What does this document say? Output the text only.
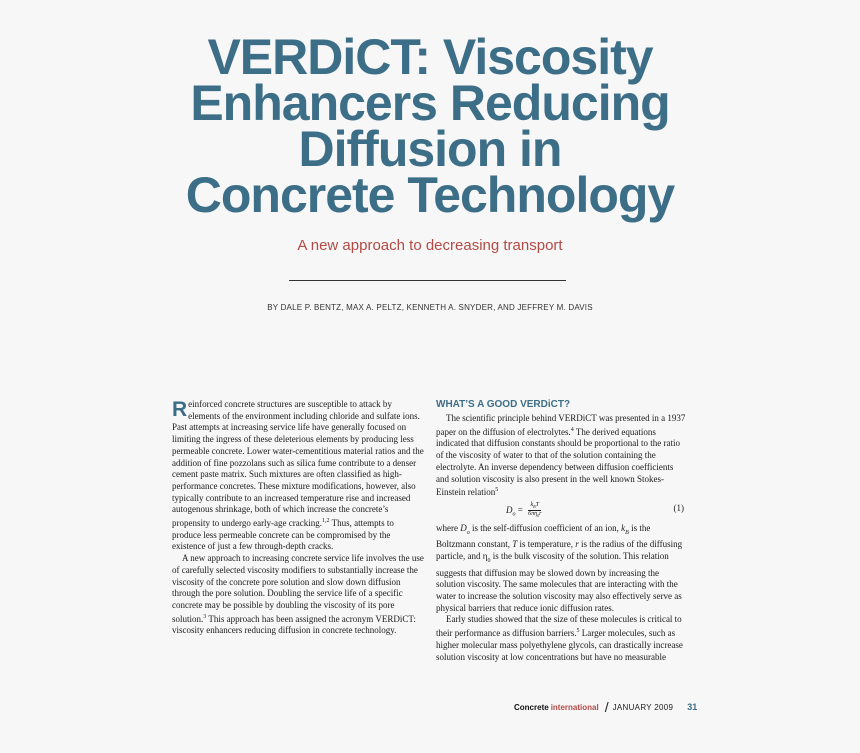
VERDiCT: Viscosity
Enhancers Reducing
Diffusion in
Concrete Technology

A new approach to decreasing transport

BY DALE P. BENTZ, MAX A. PELTZ, KENNETH A. SNYDER, AND JEFFREY M. DAVIS

Reinforced concrete structures are susceptible to attack by elements of the environment including chloride and sulfate ions. Past attempts at increasing service life have generally focused on limiting the ingress of these deleterious elements by producing less permeable concrete. Lower water-cementitious material ratios and the addition of fine pozzolans such as silica fume contribute to a denser cement paste matrix. Such mixtures are often classified as high-performance concretes. These mixture modifications, however, also typically contribute to an increased temperature rise and increased autogenous shrinkage, both of which increase the concrete’s propensity to undergo early-age cracking.$^{1,2}$ Thus, attempts to produce less permeable concrete can be compromised by the existence of just a few through-depth cracks.

A new approach to increasing concrete service life involves the use of carefully selected viscosity modifiers to substantially increase the viscosity of the concrete pore solution and slow down diffusion through the pore solution. Doubling the service life of a specific concrete may be possible by doubling the viscosity of its pore solution.$^3$ This approach has been assigned the acronym VERDiCT: viscosity enhancers reducing diffusion in concrete technology.

WHAT’S A GOOD VERDiCT?

The scientific principle behind VERDiCT was presented in a 1937 paper on the diffusion of electrolytes.$^4$ The derived equations indicated that diffusion constants should be proportional to the ratio of the viscosity of water to that of the solution containing the electrolyte. An inverse dependency between diffusion coefficients and solution viscosity is also present in the well known Stokes-Einstein relation$^5$

$D_o = \frac{k_BT}{6\pi\eta_0r}$	(1)

where $D_o$ is the self-diffusion coefficient of an ion, $k_B$ is the Boltzmann constant, T is temperature, r is the radius of the diffusing particle, and $\eta_0$ is the bulk viscosity of the solution. This relation suggests that diffusion may be slowed down by increasing the solution viscosity. The same molecules that are interacting with the water to increase the solution viscosity may also effectively serve as physical barriers that reduce ionic diffusion rates.

Early studies showed that the size of these molecules is critical to their performance as diffusion barriers.$^5$ Larger molecules, such as higher molecular mass polyethylene glycols, can drastically increase solution viscosity at low concentrations but have no measurable

Concrete international / JANUARY 2009 31
